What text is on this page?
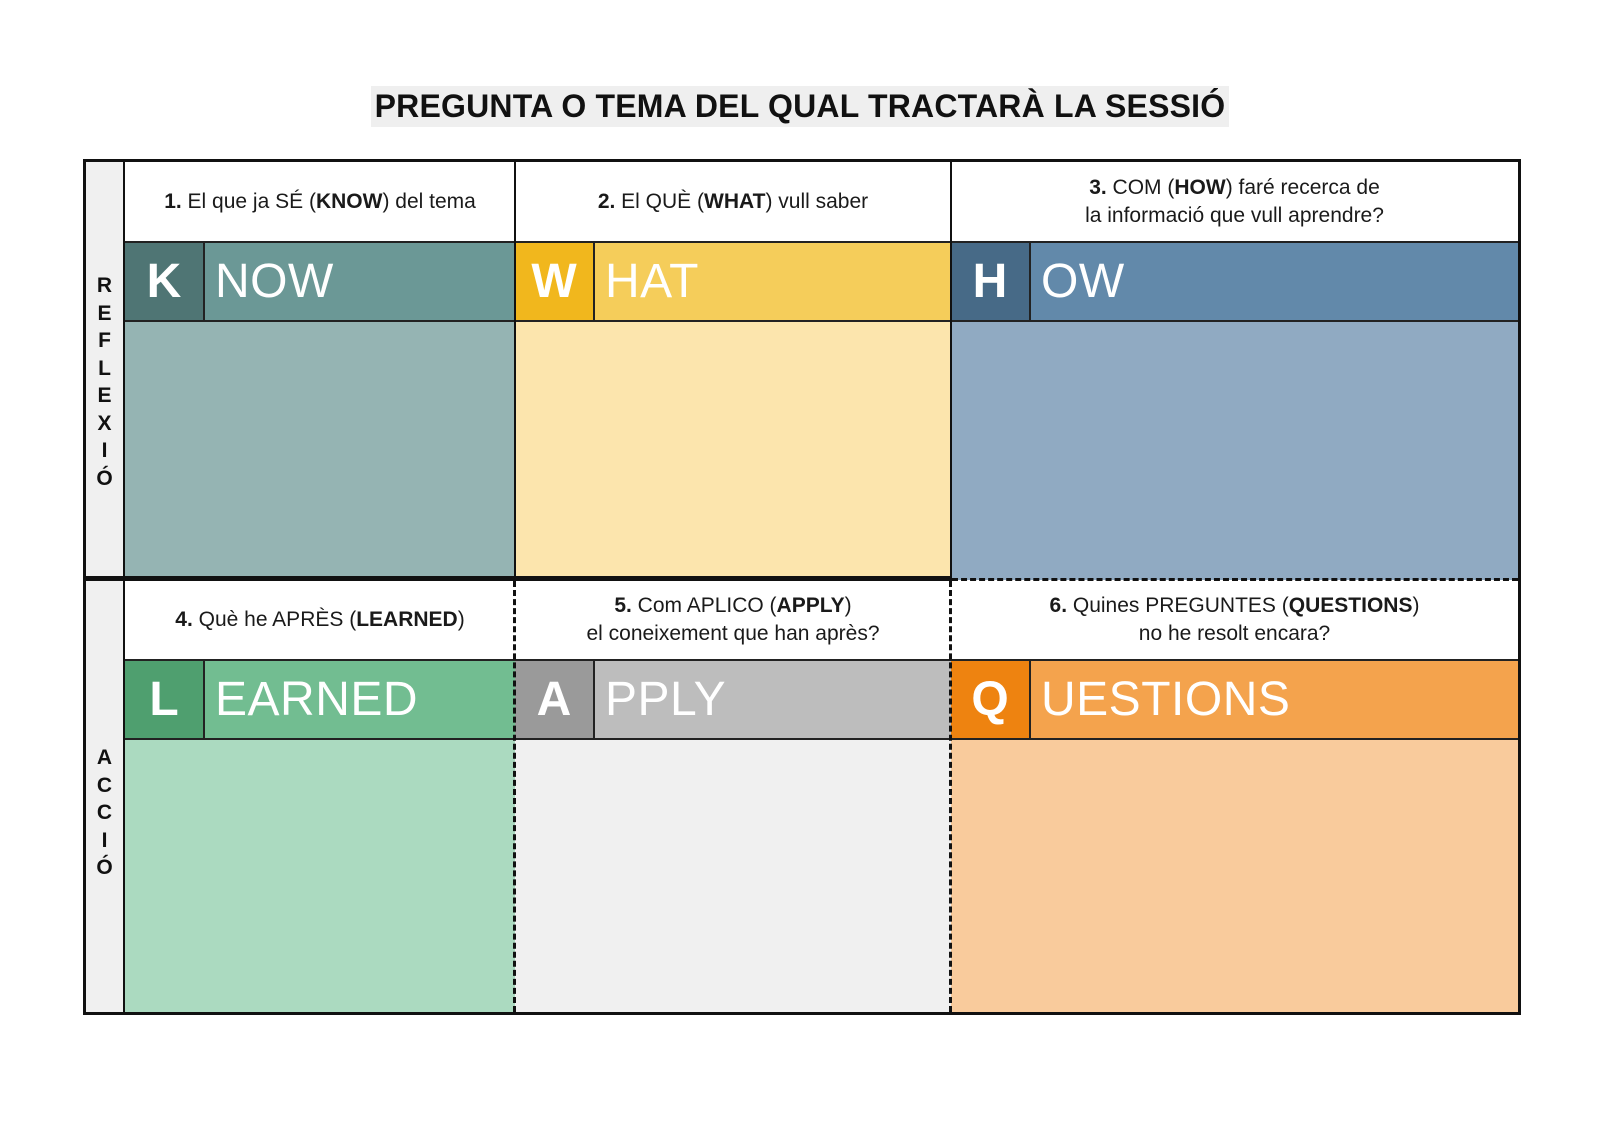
PREGUNTA O TEMA DEL QUAL TRACTARÀ LA SESSIÓ
R
E
F
L
E
X
I
Ó
A
C
C
I
Ó
1. El que ja SÉ (KNOW) del tema
K NOW
2. El QUÈ (WHAT) vull saber
W HAT
3. COM (HOW) faré recerca de
la informació que vull aprendre?
H OW
4. Què he APRÈS (LEARNED)
L EARNED
5. Com APLICO (APPLY)
el coneixement que han après?
A PPLY
6. Quines PREGUNTES (QUESTIONS)
no he resolt encara?
Q UESTIONS
